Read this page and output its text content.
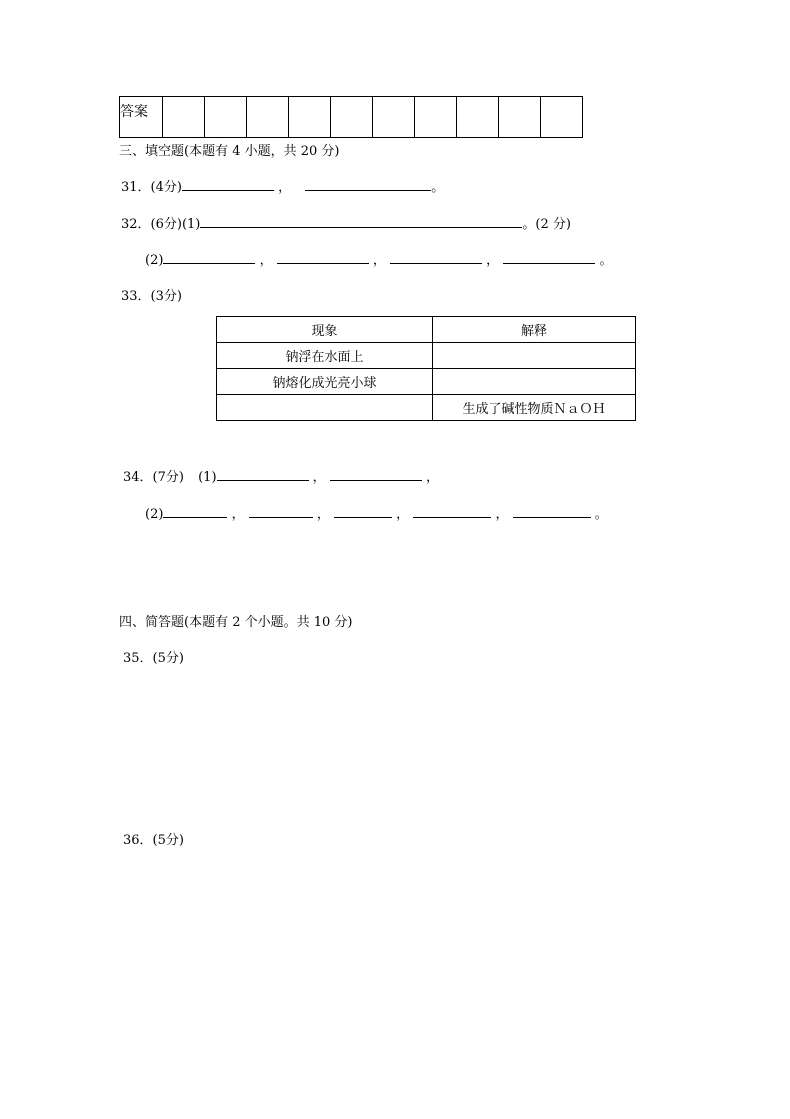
答案										
三、填空题(本题有 4 小题，共 20 分)
31．(4分)	，	。
32．(6分)(1)	。(2 分)
(2)	，	，	，	。
33．(3分)
现象	解释
钠浮在水面上	
钠熔化成光亮小球	
	生成了碱性物质ＮａＯＨ
34．(7分) (1)	，	，
(2)	，	，	，	，	。
四、简答题(本题有 2 个小题。共 10 分)
35．(5分)
36．(5分)
